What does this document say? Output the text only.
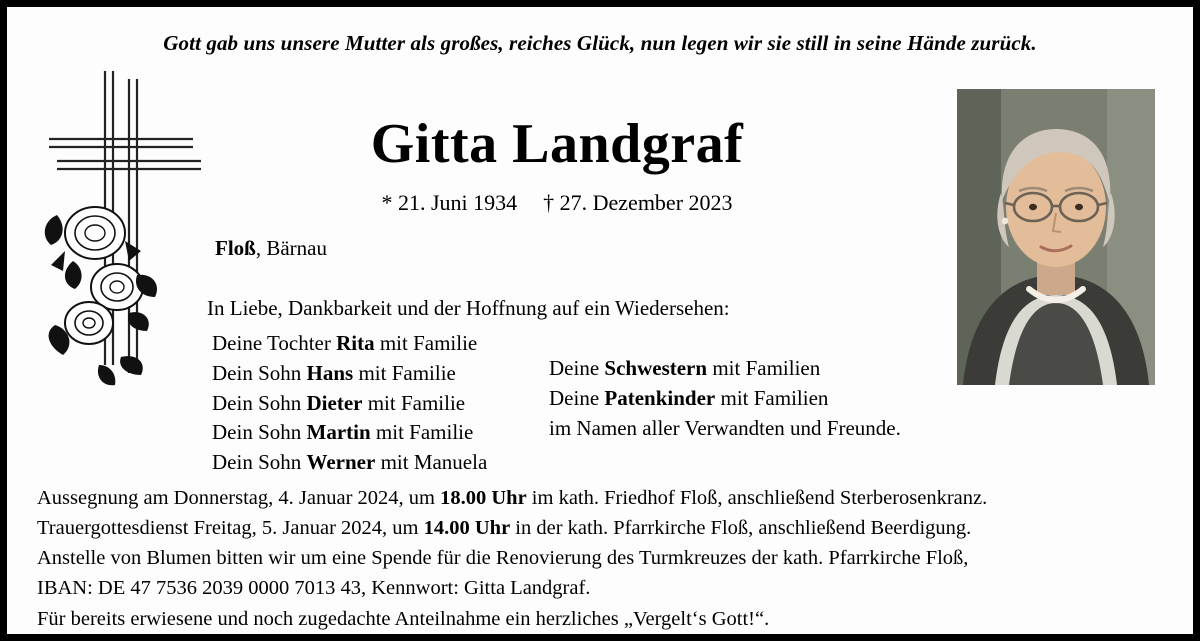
Gott gab uns unsere Mutter als großes, reiches Glück, nun legen wir sie still in seine Hände zurück.
Gitta Landgraf
* 21. Juni 1934 † 27. Dezember 2023
Floß, Bärnau
In Liebe, Dankbarkeit und der Hoffnung auf ein Wiedersehen:
Deine Tochter Rita mit Familie
Dein Sohn Hans mit Familie
Dein Sohn Dieter mit Familie
Dein Sohn Martin mit Familie
Dein Sohn Werner mit Manuela
Deine Schwestern mit Familien
Deine Patenkinder mit Familien
im Namen aller Verwandten und Freunde.
Aussegnung am Donnerstag, 4. Januar 2024, um 18.00 Uhr im kath. Friedhof Floß, anschließend Sterberosenkranz.
Trauergottesdienst Freitag, 5. Januar 2024, um 14.00 Uhr in der kath. Pfarrkirche Floß, anschließend Beerdigung.
Anstelle von Blumen bitten wir um eine Spende für die Renovierung des Turmkreuzes der kath. Pfarrkirche Floß,
IBAN: DE 47 7536 2039 0000 7013 43, Kennwort: Gitta Landgraf.
Für bereits erwiesene und noch zugedachte Anteilnahme ein herzliches „Vergelt‘s Gott!“.
